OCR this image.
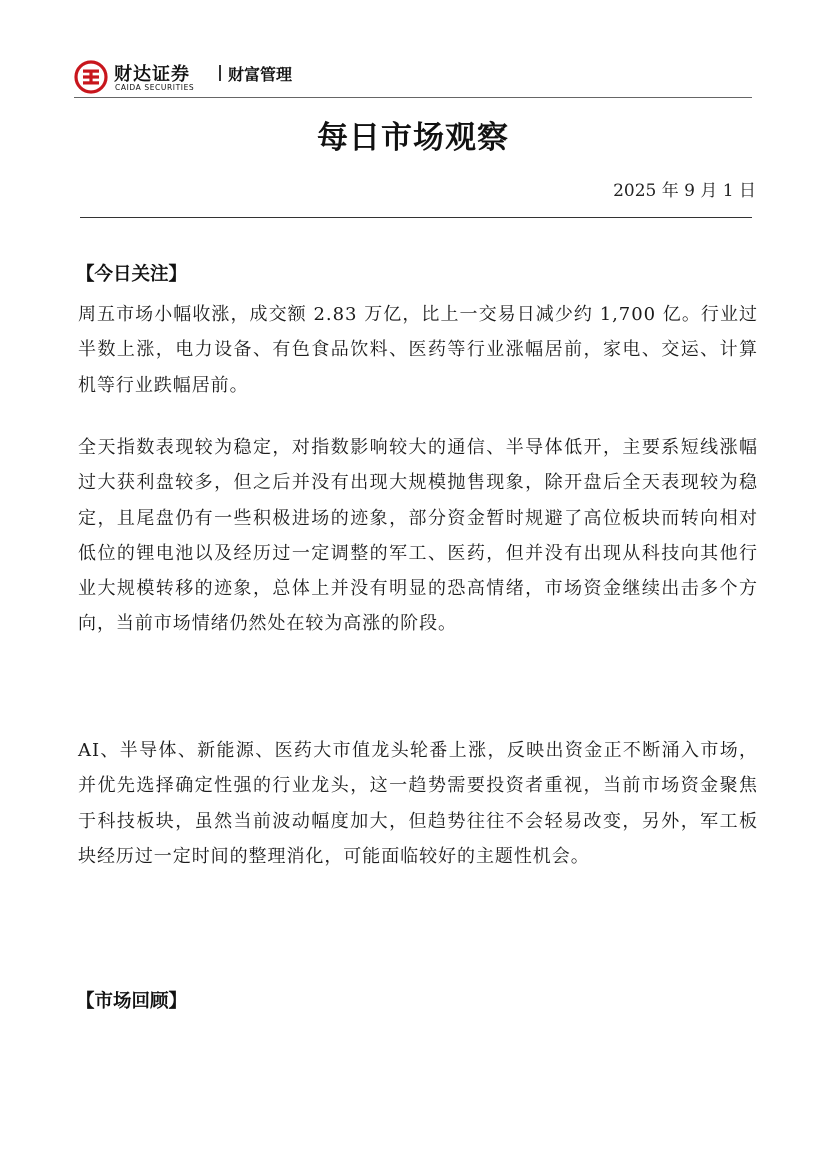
财达证券
CAIDA SECURITIES
财富管理
每日市场观察
2025 年 9 月 1 日
【今日关注】

周五市场小幅收涨，成交额 2.83 万亿，比上一交易日减少约 1,700 亿。行业过半数上涨，电力设备、有色食品饮料、医药等行业涨幅居前，家电、交运、计算机等行业跌幅居前。

全天指数表现较为稳定，对指数影响较大的通信、半导体低开，主要系短线涨幅过大获利盘较多，但之后并没有出现大规模抛售现象，除开盘后全天表现较为稳定，且尾盘仍有一些积极进场的迹象，部分资金暂时规避了高位板块而转向相对低位的锂电池以及经历过一定调整的军工、医药，但并没有出现从科技向其他行业大规模转移的迹象，总体上并没有明显的恐高情绪，市场资金继续出击多个方向，当前市场情绪仍然处在较为高涨的阶段。

AI、半导体、新能源、医药大市值龙头轮番上涨，反映出资金正不断涌入市场，并优先选择确定性强的行业龙头，这一趋势需要投资者重视，当前市场资金聚焦于科技板块，虽然当前波动幅度加大，但趋势往往不会轻易改变，另外，军工板块经历过一定时间的整理消化，可能面临较好的主题性机会。

【市场回顾】
